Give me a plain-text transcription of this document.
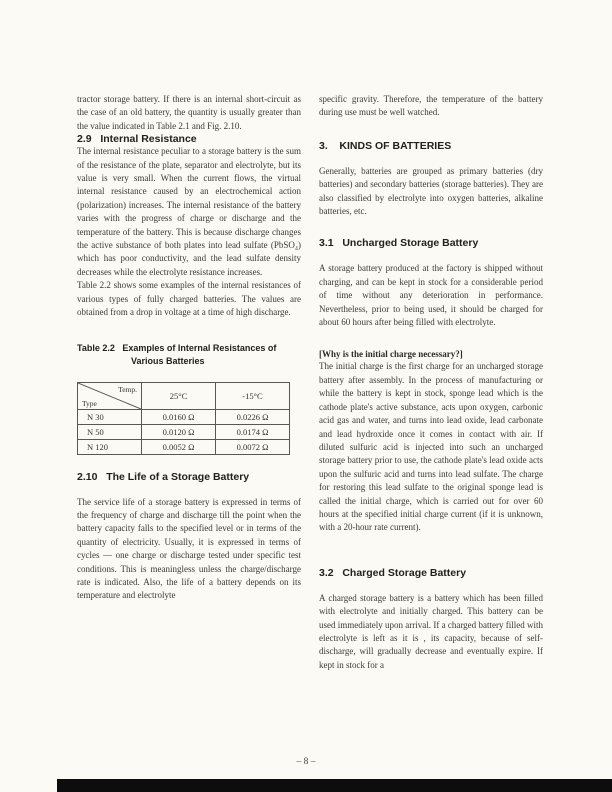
tractor storage battery. If there is an internal short-circuit as the case of an old battery, the quantity is usually greater than the value indicated in Table 2.1 and Fig. 2.10.

2.9   Internal Resistance

The internal resistance peculiar to a storage battery is the sum of the resistance of the plate, separator and electrolyte, but its value is very small. When the current flows, the virtual internal resistance caused by an electrochemical action (polarization) increases. The internal resistance of the battery varies with the progress of charge or discharge and the temperature of the battery. This is because discharge changes the active substance of both plates into lead sulfate (PbSO₄) which has poor conductivity, and the lead sulfate density decreases while the electrolyte resistance increases.

Table 2.2 shows some examples of the internal resistances of various types of fully charged batteries. The values are obtained from a drop in voltage at a time of high discharge.

Table 2.2   Examples of Internal Resistances of
Various Batteries
Temp.
Type	25°C	-15°C
N 30	0.0160 Ω	0.0226 Ω
N 50	0.0120 Ω	0.0174 Ω
N 120	0.0052 Ω	0.0072 Ω
2.10   The Life of a Storage Battery

The service life of a storage battery is expressed in terms of the frequency of charge and discharge till the point when the battery capacity falls to the specified level or in terms of the quantity of electricity. Usually, it is expressed in terms of cycles — one charge or discharge tested under specific test conditions. This is meaningless unless the charge/discharge rate is indicated. Also, the life of a battery depends on its temperature and electrolyte

specific gravity. Therefore, the temperature of the battery during use must be well watched.

3.    KINDS OF BATTERIES

Generally, batteries are grouped as primary batteries (dry batteries) and secondary batteries (storage batteries). They are also classified by electrolyte into oxygen batteries, alkaline batteries, etc.

3.1   Uncharged Storage Battery

A storage battery produced at the factory is shipped without charging, and can be kept in stock for a considerable period of time without any deterioration in performance. Nevertheless, prior to being used, it should be charged for about 60 hours after being filled with electrolyte.

[Why is the initial charge necessary?]

The initial charge is the first charge for an uncharged storage battery after assembly. In the process of manufacturing or while the battery is kept in stock, sponge lead which is the cathode plate's active substance, acts upon oxygen, carbonic acid gas and water, and turns into lead oxide, lead carbonate and lead hydroxide once it comes in contact with air. If diluted sulfuric acid is injected into such an uncharged storage battery prior to use, the cathode plate's lead oxide acts upon the sulfuric acid and turns into lead sulfate. The charge for restoring this lead sulfate to the original sponge lead is called the initial charge, which is carried out for over 60 hours at the specified initial charge current (if it is unknown, with a 20-hour rate current).

3.2   Charged Storage Battery

A charged storage battery is a battery which has been filled with electrolyte and initially charged. This battery can be used immediately upon arrival. If a charged battery filled with electrolyte is left as it is , its capacity, because of self-discharge, will gradually decrease and eventually expire. If kept in stock for a

– 8 –
